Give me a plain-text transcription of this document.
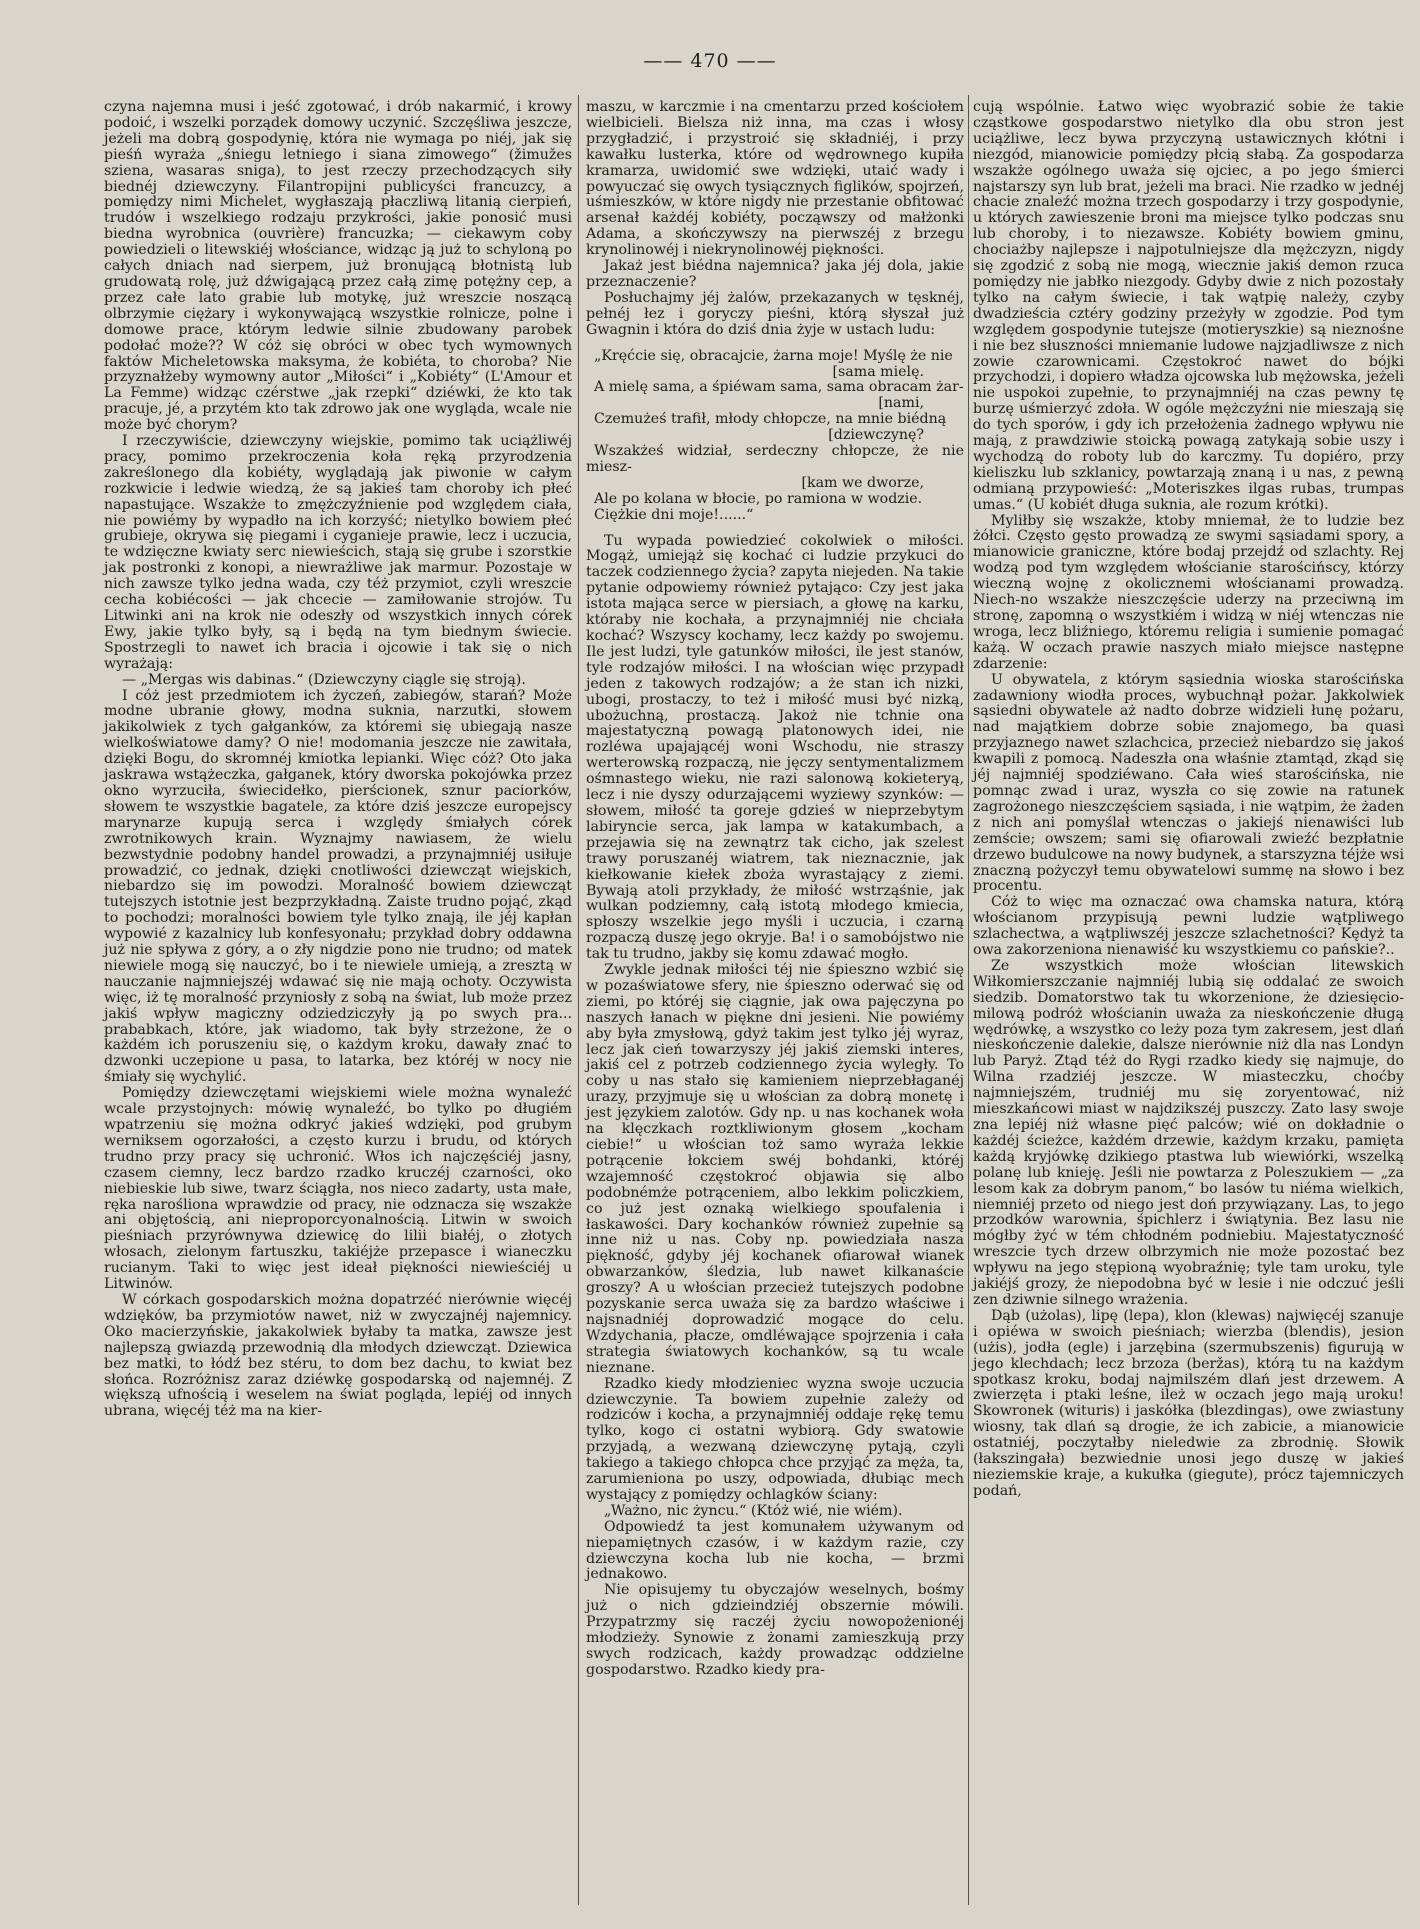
—— 470 ——

czyna najemna musi i jeść zgotować, i drób nakarmić, i krowy podoić, i wszelki porządek domowy uczynić. Szczęśliwa jeszcze, jeżeli ma dobrą gospodynię, która nie wymaga po niéj, jak się pieśń wyraża „śniegu letniego i siana zimowego“ (žimužes sziena, wasaras sniga), to jest rzeczy przechodzących siły biednéj dziewczyny. Filantropijni publicyści francuzcy, a pomiędzy nimi Michelet, wygłaszają płaczliwą litanią cierpień, trudów i wszelkiego rodzaju przykrości, jakie ponosić musi biedna wyrobnica (ouvrière) francuzka; — ciekawym coby powiedzieli o litewskiéj włościance, widząc ją już to schyloną po całych dniach nad sierpem, już bronującą błotnistą lub grudowatą rolę, już dźwigającą przez całą zimę potężny cep, a przez całe lato grabie lub motykę, już wreszcie noszącą olbrzymie ciężary i wykonywającą wszystkie rolnicze, polne i domowe prace, którym ledwie silnie zbudowany parobek podołać może?? W cóż się obróci w obec tych wymownych faktów Micheletowska maksyma, że kobiéta, to choroba? Nie przyznałżeby wymowny autor „Miłości“ i „Kobiéty“ (L'Amour et La Femme) widząc czérstwe „jak rzepki“ dziéwki, że kto tak pracuje, jé, a przytém kto tak zdrowo jak one wygląda, wcale nie może być chorym?

I rzeczywiście, dziewczyny wiejskie, pomimo tak uciążliwéj pracy, pomimo przekroczenia koła ręką przyrodzenia zakreślonego dla kobiéty, wyglądają jak piwonie w całym rozkwicie i ledwie wiedzą, że są jakieś tam choroby ich płeć napastujące. Wszakże to zmężczyźnienie pod względem ciała, nie powiémy by wypadło na ich korzyść; nietylko bowiem płeć grubieje, okrywa się piegami i cyganieje prawie, lecz i uczucia, te wdzięczne kwiaty serc niewieścich, stają się grube i szorstkie jak postronki z konopi, a niewrażliwe jak marmur. Pozostaje w nich zawsze tylko jedna wada, czy téż przymiot, czyli wreszcie cecha kobiécości — jak chcecie — zamiłowanie strojów. Tu Litwinki ani na krok nie odeszły od wszystkich innych córek Ewy, jakie tylko były, są i będą na tym biednym świecie. Spostrzegli to nawet ich bracia i ojcowie i tak się o nich wyrażają:

— „Mergas wis dabinas.“ (Dziewczyny ciągle się stroją).

I cóż jest przedmiotem ich życzeń, zabiegów, starań? Może modne ubranie głowy, modna suknia, narzutki, słowem jakikolwiek z tych gałganków, za któremi się ubiegają nasze wielkoświatowe damy? O nie! modomania jeszcze nie zawitała, dzięki Bogu, do skromnéj kmiotka lepianki. Więc cóż? Oto jaka jaskrawa wstążeczka, gałganek, który dworska pokojówka przez okno wyrzuciła, świecidełko, pierścionek, sznur paciorków, słowem te wszystkie bagatele, za które dziś jeszcze europejscy marynarze kupują serca i względy śmiałych córek zwrotnikowych krain. Wyznajmy nawiasem, że wielu bezwstydnie podobny handel prowadzi, a przynajmniéj usiłuje prowadzić, co jednak, dzięki cnotliwości dziewcząt wiejskich, niebardzo się im powodzi. Moralność bowiem dziewcząt tutejszych istotnie jest bezprzykładną. Zaiste trudno pojąć, zkąd to pochodzi; moralności bowiem tyle tylko znają, ile jéj kapłan wypowié z kazalnicy lub konfesyonału; przykład dobry oddawna już nie spływa z góry, a o zły nigdzie pono nie trudno; od matek niewiele mogą się nauczyć, bo i te niewiele umieją, a zresztą w nauczanie najmniejszéj wdawać się nie mają ochoty. Oczywista więc, iż tę moralność przyniosły z sobą na świat, lub może przez jakiś wpływ magiczny odziedziczyły ją po swych pra... prababkach, które, jak wiadomo, tak były strzeżone, że o każdém ich poruszeniu się, o każdym kroku, dawały znać to dzwonki uczepione u pasa, to latarka, bez któréj w nocy nie śmiały się wychylić.

Pomiędzy dziewczętami wiejskiemi wiele można wynaleźć wcale przystojnych: mówię wynaleźć, bo tylko po długiém wpatrzeniu się można odkryć jakieś wdzięki, pod grubym werniksem ogorzałości, a często kurzu i brudu, od których trudno przy pracy się uchronić. Włos ich najczęściéj jasny, czasem ciemny, lecz bardzo rzadko kruczéj czarności, oko niebieskie lub siwe, twarz ściągła, nos nieco zadarty, usta małe, ręka narośliona wprawdzie od pracy, nie odznacza się wszakże ani objętością, ani nieproporcyonalnością. Litwin w swoich pieśniach przyrównywa dziewicę do lilii białéj, o złotych włosach, zielonym fartuszku, takiéjże przepasce i wianeczku rucianym. Taki to więc jest ideał piękności niewieściéj u Litwinów.

W córkach gospodarskich można dopatrzéć nierównie więcéj wdzięków, ba przymiotów nawet, niż w zwyczajnéj najemnicy. Oko macierzyńskie, jakakolwiek byłaby ta matka, zawsze jest najlepszą gwiazdą przewodnią dla młodych dziewcząt. Dziewica bez matki, to łódź bez stéru, to dom bez dachu, to kwiat bez słońca. Rozróżnisz zaraz dziéwkę gospodarską od najemnéj. Z większą ufnością i weselem na świat pogląda, lepiéj od innych ubrana, więcéj téż ma na kier-

maszu, w karczmie i na cmentarzu przed kościołem wielbicieli. Bielsza niż inna, ma czas i włosy przygładzić, i przystroić się składniéj, i przy kawałku lusterka, które od wędrownego kupiła kramarza, uwidomić swe wdzięki, utaić wady i powyuczać się owych tysiącznych figlików, spojrzeń, uśmieszków, w które nigdy nie przestanie obfitować arsenał każdéj kobiéty, począwszy od małżonki Adama, a skończywszy na pierwszéj z brzegu krynolinowéj i niekrynolinowéj piękności.

Jakaż jest biédna najemnica? jaka jéj dola, jakie przeznaczenie?

Posłuchajmy jéj żalów, przekazanych w tęsknéj, pełnéj łez i goryczy pieśni, którą słyszał już Gwagnin i która do dziś dnia żyje w ustach ludu:

„Kręćcie się, obracajcie, żarna moje! Myślę że nie

[sama mielę.

A mielę sama, a śpiéwam sama, sama obracam żar-

[nami,

Czemużeś trafił, młody chłopcze, na mnie biédną

[dziewczynę?

Wszakżeś widział, serdeczny chłopcze, że nie miesz-

[kam we dworze,

Ale po kolana w błocie, po ramiona w wodzie.

Ciężkie dni moje!......“

Tu wypada powiedzieć cokolwiek o miłości. Mogąż, umiejąż się kochać ci ludzie przykuci do taczek codziennego życia? zapyta niejeden. Na takie pytanie odpowiemy również pytająco: Czy jest jaka istota mająca serce w piersiach, a głowę na karku, któraby nie kochała, a przynajmniéj nie chciała kochać? Wszyscy kochamy, lecz każdy po swojemu. Ile jest ludzi, tyle gatunków miłości, ile jest stanów, tyle rodzajów miłości. I na włościan więc przypadł jeden z takowych rodzajów; a że stan ich nizki, ubogi, prostaczy, to też i miłość musi być nizką, ubożuchną, prostaczą. Jakoż nie tchnie ona majestatyczną powagą platonowych idei, nie rozléwa upajającéj woni Wschodu, nie straszy werterowską rozpaczą, nie jęczy sentymentalizmem ośmnastego wieku, nie razi salonową kokieteryą, lecz i nie dyszy odurzającemi wyziewy szynków: — słowem, miłość ta goreje gdzieś w nieprzebytym labiryncie serca, jak lampa w katakumbach, a przejawia się na zewnątrz tak cicho, jak szelest trawy poruszanéj wiatrem, tak nieznacznie, jak kiełkowanie kiełek zboża wyrastający z ziemi. Bywają atoli przykłady, że miłość wstrząśnie, jak wulkan podziemny, całą istotą młodego kmiecia, spłoszy wszelkie jego myśli i uczucia, i czarną rozpaczą duszę jego okryje. Ba! i o samobójstwo nie tak tu trudno, jakby się komu zdawać mogło.

Zwykle jednak miłości téj nie śpieszno wzbić się w pozaświatowe sfery, nie śpieszno oderwać się od ziemi, po któréj się ciągnie, jak owa pajęczyna po naszych łanach w piękne dni jesieni. Nie powiémy aby była zmysłową, gdyż takim jest tylko jéj wyraz, lecz jak cień towarzyszy jéj jakiś ziemski interes, jakiś cel z potrzeb codziennego życia wyległy. To coby u nas stało się kamieniem nieprzebłaganéj urazy, przyjmuje się u włościan za dobrą monetę i jest językiem zalotów. Gdy np. u nas kochanek woła na klęczkach roztkliwionym głosem „kocham ciebie!“ u włościan toż samo wyraża lekkie potrącenie łokciem swéj bohdanki, któréj wzajemność częstokroć objawia się albo podobnémże potrąceniem, albo lekkim policzkiem, co już jest oznaką wielkiego spoufalenia i łaskawości. Dary kochanków również zupełnie są inne niż u nas. Coby np. powiedziała nasza piękność, gdyby jéj kochanek ofiarował wianek obwarzanków, śledzia, lub nawet kilkanaście groszy? A u włościan przecież tutejszych podobne pozyskanie serca uważa się za bardzo właściwe i najsnadniéj doprowadzić mogące do celu. Wzdychania, płacze, omdléwające spojrzenia i cała strategia światowych kochanków, są tu wcale nieznane.

Rzadko kiedy młodzieniec wyzna swoje uczucia dziewczynie. Ta bowiem zupełnie zależy od rodziców i kocha, a przynajmniéj oddaje rękę temu tylko, kogo ci ostatni wybiorą. Gdy swatowie przyjadą, a wezwaną dziewczynę pytają, czyli takiego a takiego chłopca chce przyjąć za męża, ta, zarumieniona po uszy, odpowiada, dłubiąc mech wystający z pomiędzy ochlagków ściany:

„Ważno, nic żyncu.“ (Któż wié, nie wiém).

Odpowiedź ta jest komunałem używanym od niepamiętnych czasów, i w każdym razie, czy dziewczyna kocha lub nie kocha, — brzmi jednakowo.

Nie opisujemy tu obyczajów weselnych, bośmy już o nich gdzieindziéj obszernie mówili. Przypatrzmy się raczéj życiu nowopożenionéj młodzieży. Synowie z żonami zamieszkują przy swych rodzicach, każdy prowadząc oddzielne gospodarstwo. Rzadko kiedy pra-

cują wspólnie. Łatwo więc wyobrazić sobie że takie cząstkowe gospodarstwo nietylko dla obu stron jest uciążliwe, lecz bywa przyczyną ustawicznych kłótni i niezgód, mianowicie pomiędzy płcią słabą. Za gospodarza wszakże ogólnego uważa się ojciec, a po jego śmierci najstarszy syn lub brat, jeżeli ma braci. Nie rzadko w jednéj chacie znaleźć można trzech gospodarzy i trzy gospodynie, u których zawieszenie broni ma miejsce tylko podczas snu lub choroby, i to niezawsze. Kobiéty bowiem gminu, chociażby najlepsze i najpotulniejsze dla mężczyzn, nigdy się zgodzić z sobą nie mogą, wiecznie jakiś demon rzuca pomiędzy nie jabłko niezgody. Gdyby dwie z nich pozostały tylko na całym świecie, i tak wątpię należy, czyby dwadzieścia cztéry godziny przeżyły w zgodzie. Pod tym względem gospodynie tutejsze (motieryszkie) są nieznośne i nie bez słuszności mniemanie ludowe najzjadliwsze z nich zowie czarownicami. Częstokroć nawet do bójki przychodzi, i dopiero władza ojcowska lub mężowska, jeżeli nie uspokoi zupełnie, to przynajmniéj na czas pewny tę burzę uśmierzyć zdoła. W ogóle mężczyźni nie mieszają się do tych sporów, i gdy ich przełożenia żadnego wpływu nie mają, z prawdziwie stoicką powagą zatykają sobie uszy i wychodzą do roboty lub do karczmy. Tu dopiéro, przy kieliszku lub szklanicy, powtarzają znaną i u nas, z pewną odmianą przypowieść: „Moteriszkes ilgas rubas, trumpas umas.“ (U kobiét długa suknia, ale rozum krótki).

Myliłby się wszakże, ktoby mniemał, że to ludzie bez żółci. Często gęsto prowadzą ze swymi sąsiadami spory, a mianowicie graniczne, które bodaj przejdź od szlachty. Rej wodzą pod tym względem włościanie starościńscy, którzy wieczną wojnę z okolicznemi włościanami prowadzą. Niech-no wszakże nieszczęście uderzy na przeciwną im stronę, zapomną o wszystkiém i widzą w niéj wtenczas nie wroga, lecz bliźniego, któremu religia i sumienie pomagać każą. W oczach prawie naszych miało miejsce następne zdarzenie:

U obywatela, z którym sąsiednia wioska starościńska zadawniony wiodła proces, wybuchnął pożar. Jakkolwiek sąsiedni obywatele aż nadto dobrze widzieli łunę pożaru, nad majątkiem dobrze sobie znajomego, ba quasi przyjaznego nawet szlachcica, przecież niebardzo się jakoś kwapili z pomocą. Nadeszła ona właśnie ztamtąd, zkąd się jéj najmniéj spodziéwano. Cała wieś starościńska, nie pomnąc zwad i uraz, wyszła co się zowie na ratunek zagrożonego nieszczęściem sąsiada, i nie wątpim, że żaden z nich ani pomyślał wtenczas o jakiejś nienawiści lub zemście; owszem; sami się ofiarowali zwieźć bezpłatnie drzewo budulcowe na nowy budynek, a starszyzna téjże wsi znaczną pożyczył temu obywatelowi summę na słowo i bez procentu.

Cóż to więc ma oznaczać owa chamska natura, którą włościanom przypisują pewni ludzie wątpliwego szlachectwa, a wątpliwszéj jeszcze szlachetności? Kędyż ta owa zakorzeniona nienawiść ku wszystkiemu co pańskie?..

Ze wszystkich może włościan litewskich Wiłkomierszczanie najmniéj lubią się oddalać ze swoich siedzib. Domatorstwo tak tu wkorzenione, że dziesięcio-milową podróż włościanin uważa za nieskończenie długą wędrówkę, a wszystko co leży poza tym zakresem, jest dlań nieskończenie dalekie, dalsze nierównie niż dla nas Londyn lub Paryż. Ztąd téż do Rygi rzadko kiedy się najmuje, do Wilna rzadziéj jeszcze. W miasteczku, choćby najmniejszém, trudniéj mu się zoryentować, niż mieszkańcowi miast w najdzikszéj puszczy. Zato lasy swoje zna lepiéj niż własne pięć palców; wié on dokładnie o każdéj ścieżce, każdém drzewie, każdym krzaku, pamięta każdą kryjówkę dzikiego ptastwa lub wiewiórki, wszelką polanę lub knieję. Jeśli nie powtarza z Poleszukiem — „za lesom kak za dobrym panom,“ bo lasów tu niéma wielkich, niemniéj przeto od niego jest doń przywiązany. Las, to jego przodków warownia, śpichlerz i świątynia. Bez lasu nie mógłby żyć w tém chłodném podniebiu. Majestatyczność wreszcie tych drzew olbrzymich nie może pozostać bez wpływu na jego stępioną wyobraźnię; tyle tam uroku, tyle jakiéjś grozy, że niepodobna być w lesie i nie odczuć jeśli zen dziwnie silnego wrażenia.

Dąb (użolas), lipę (lepa), klon (klewas) najwięcéj szanuje i opiéwa w swoich pieśniach; wierzba (blendis), jesion (użis), jodła (egle) i jarzębina (szermubszenis) figurują w jego klechdach; lecz brzoza (beržas), którą tu na każdym spotkasz kroku, bodaj najmilszém dlań jest drzewem. A zwierzęta i ptaki leśne, ileż w oczach jego mają uroku! Skowronek (wituris) i jaskółka (blezdingas), owe zwiastuny wiosny, tak dlań są drogie, że ich zabicie, a mianowicie ostatniéj, poczytałby nieledwie za zbrodnię. Słowik (łakszingała) bezwiednie unosi jego duszę w jakieś nieziemskie kraje, a kukułka (giegute), prócz tajemniczych podań,
